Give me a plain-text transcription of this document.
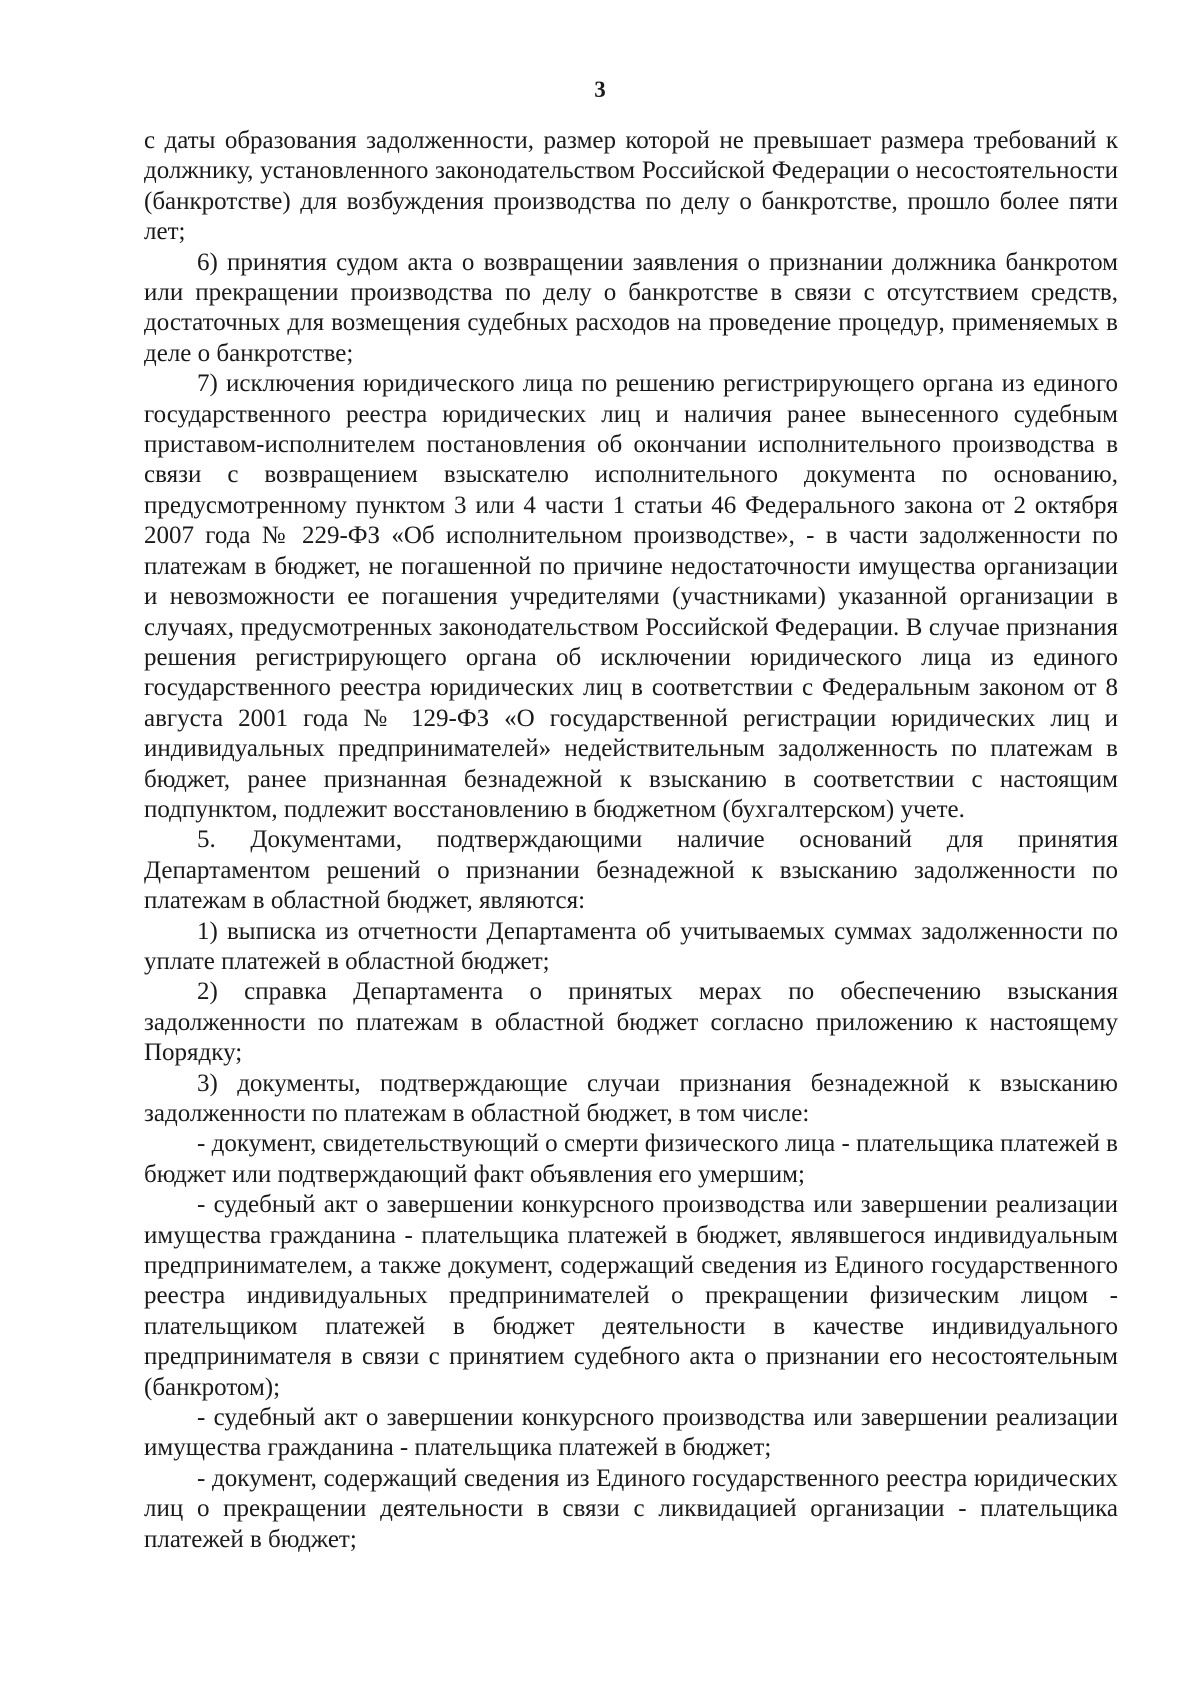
3

с даты образования задолженности, размер которой не превышает размера требований к должнику, установленного законодательством Российской Федерации о несостоятельности (банкротстве) для возбуждения производства по делу о банкротстве, прошло более пяти лет;

6) принятия судом акта о возвращении заявления о признании должника банкротом или прекращении производства по делу о банкротстве в связи с отсутствием средств, достаточных для возмещения судебных расходов на проведение процедур, применяемых в деле о банкротстве;

7) исключения юридического лица по решению регистрирующего органа из единого государственного реестра юридических лиц и наличия ранее вынесенного судебным приставом-исполнителем постановления об окончании исполнительного производства в связи с возвращением взыскателю исполнительного документа по основанию, предусмотренному пунктом 3 или 4 части 1 статьи 46 Федерального закона от 2 октября 2007 года № 229-ФЗ «Об исполнительном производстве», - в части задолженности по платежам в бюджет, не погашенной по причине недостаточности имущества организации и невозможности ее погашения учредителями (участниками) указанной организации в случаях, предусмотренных законодательством Российской Федерации. В случае признания решения регистрирующего органа об исключении юридического лица из единого государственного реестра юридических лиц в соответствии с Федеральным законом от 8 августа 2001 года № 129-ФЗ «О государственной регистрации юридических лиц и индивидуальных предпринимателей» недействительным задолженность по платежам в бюджет, ранее признанная безнадежной к взысканию в соответствии с настоящим подпунктом, подлежит восстановлению в бюджетном (бухгалтерском) учете.

5. Документами, подтверждающими наличие оснований для принятия Департаментом решений о признании безнадежной к взысканию задолженности по платежам в областной бюджет, являются:

1) выписка из отчетности Департамента об учитываемых суммах задолженности по уплате платежей в областной бюджет;

2) справка Департамента о принятых мерах по обеспечению взыскания задолженности по платежам в областной бюджет согласно приложению к настоящему Порядку;

3) документы, подтверждающие случаи признания безнадежной к взысканию задолженности по платежам в областной бюджет, в том числе:

- документ, свидетельствующий о смерти физического лица - плательщика платежей в бюджет или подтверждающий факт объявления его умершим;

- судебный акт о завершении конкурсного производства или завершении реализации имущества гражданина - плательщика платежей в бюджет, являвшегося индивидуальным предпринимателем, а также документ, содержащий сведения из Единого государственного реестра индивидуальных предпринимателей о прекращении физическим лицом - плательщиком платежей в бюджет деятельности в качестве индивидуального предпринимателя в связи с принятием судебного акта о признании его несостоятельным (банкротом);

- судебный акт о завершении конкурсного производства или завершении реализации имущества гражданина - плательщика платежей в бюджет;

- документ, содержащий сведения из Единого государственного реестра юридических лиц о прекращении деятельности в связи с ликвидацией организации - плательщика платежей в бюджет;
